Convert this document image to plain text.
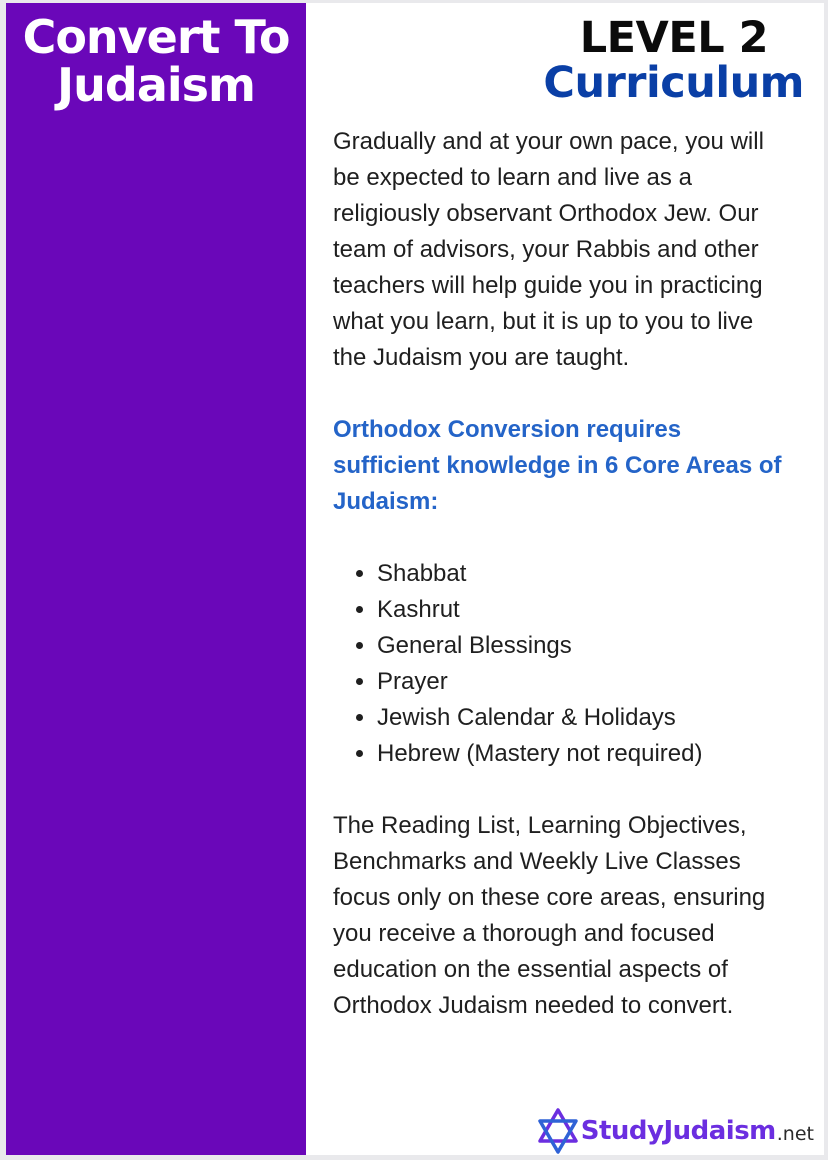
Convert To
Judaism
LEVEL 2
Curriculum

Gradually and at your own pace, you will be expected to learn and live as a religiously observant Orthodox Jew. Our team of advisors, your Rabbis and other teachers will help guide you in practicing what you learn, but it is up to you to live the Judaism you are taught.

Orthodox Conversion requires sufficient knowledge in 6 Core Areas of Judaism:

• Shabbat
• Kashrut
• General Blessings
• Prayer
• Jewish Calendar & Holidays
• Hebrew (Mastery not required)

The Reading List, Learning Objectives, Benchmarks and Weekly Live Classes focus only on these core areas, ensuring you receive a thorough and focused education on the essential aspects of Orthodox Judaism needed to convert.

StudyJudaism .net
